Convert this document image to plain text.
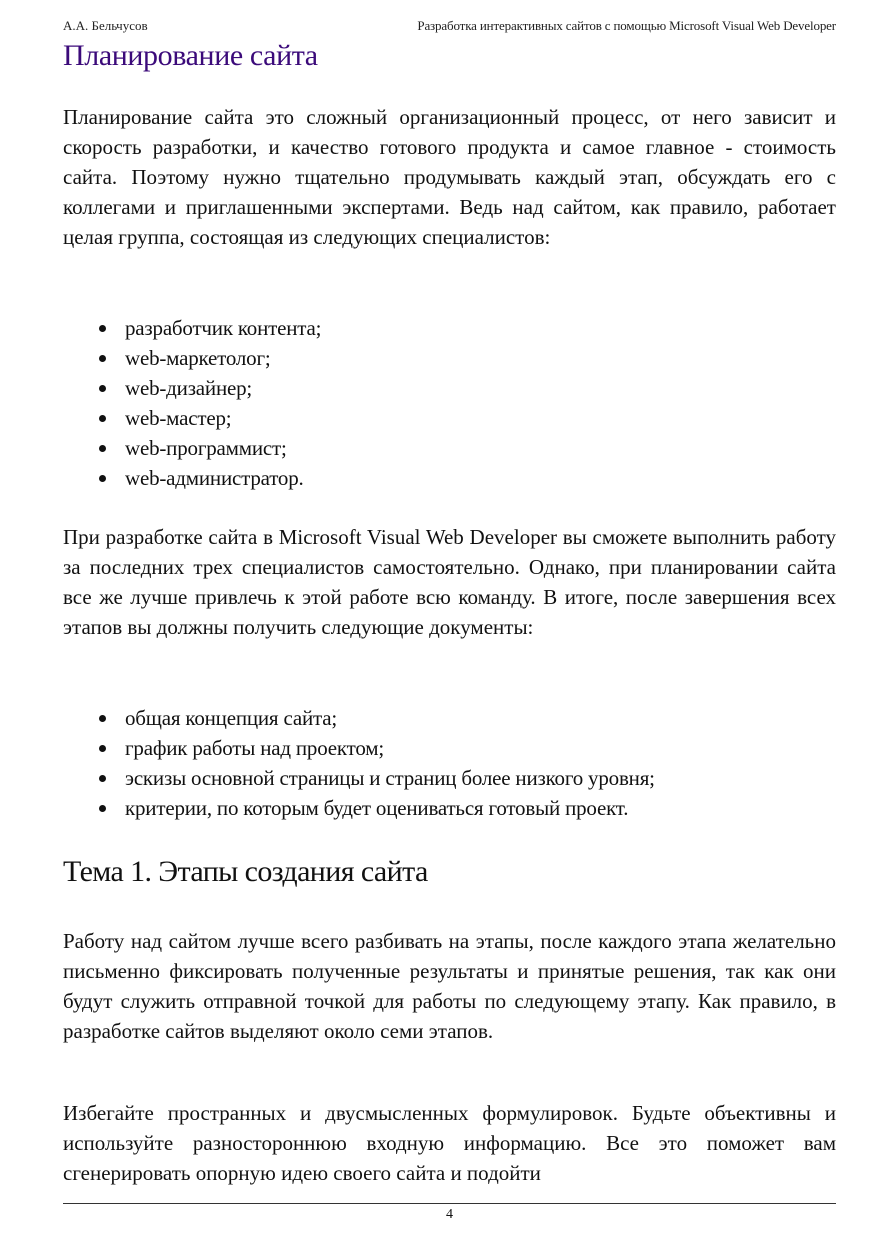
А.А. Бельчусов	Разработка интерактивных сайтов с помощью Microsoft Visual Web Developer
Планирование сайта

Планирование сайта это сложный организационный процесс, от него зависит и скорость разработки, и качество готового продукта и самое главное - стоимость сайта. Поэтому нужно тщательно продумывать каждый этап, обсуждать его с коллегами и приглашенными экспертами. Ведь над сайтом, как правило, работает целая группа, состоящая из следующих специалистов:

разработчик контента;
web-маркетолог;
web-дизайнер;
web-мастер;
web-программист;
web-администратор.

При разработке сайта в Microsoft Visual Web Developer вы сможете выполнить работу за последних трех специалистов самостоятельно. Однако, при планировании сайта все же лучше привлечь к этой работе всю команду. В итоге, после завершения всех этапов вы должны получить следующие документы:

общая концепция сайта;
график работы над проектом;
эскизы основной страницы и страниц более низкого уровня;
критерии, по которым будет оцениваться готовый проект.
Тема 1. Этапы создания сайта

Работу над сайтом лучше всего разбивать на этапы, после каждого этапа желательно письменно фиксировать полученные результаты и принятые решения, так как они будут служить отправной точкой для работы по следующему этапу. Как правило, в разработке сайтов выделяют около семи этапов.

Избегайте пространных и двусмысленных формулировок. Будьте объективны и используйте разностороннюю входную информацию. Все это поможет вам сгенерировать опорную идею своего сайта и подойти

4
